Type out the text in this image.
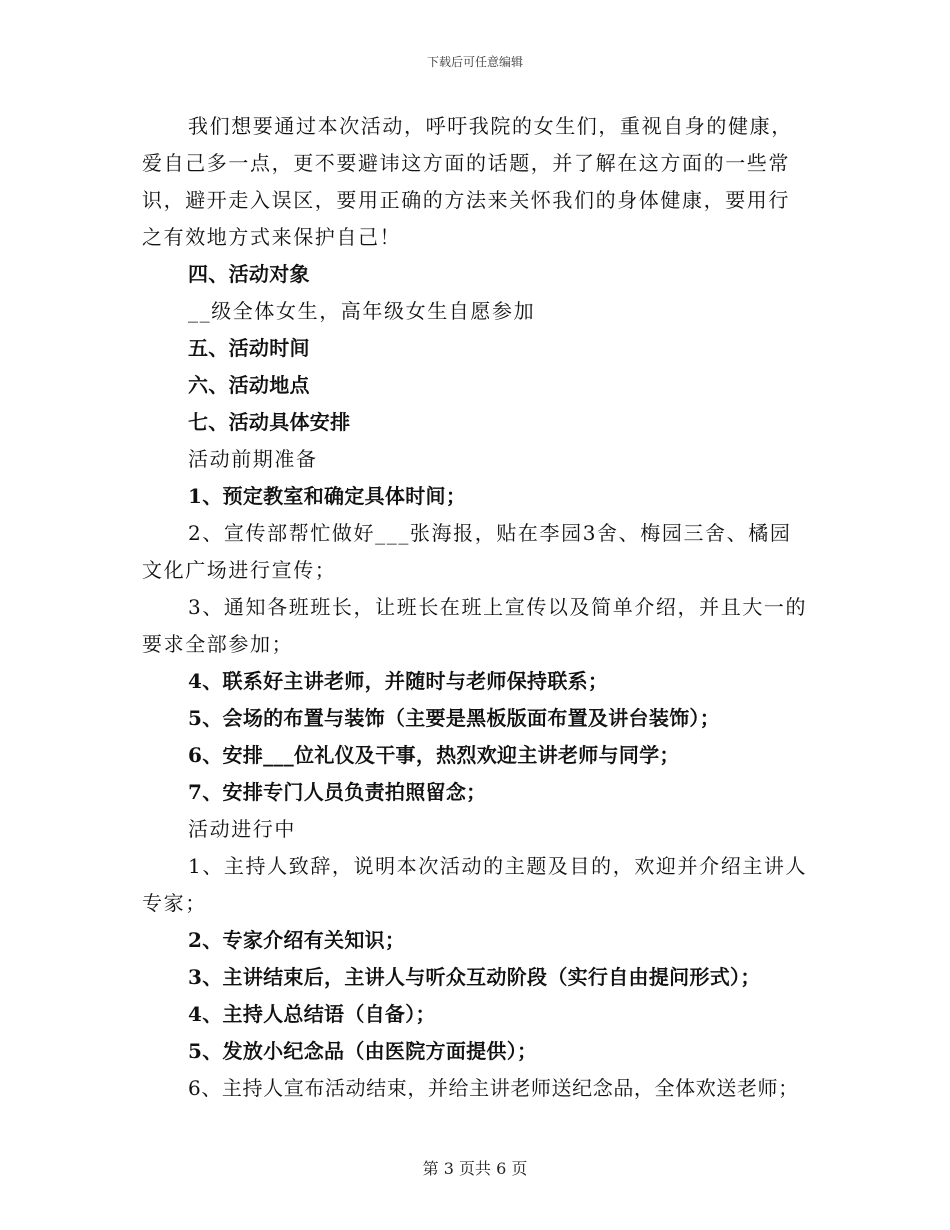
下载后可任意编辑
我们想要通过本次活动，呼吁我院的女生们，重视自身的健康，
爱自己多一点，更不要避讳这方面的话题，并了解在这方面的一些常
识，避开走入误区，要用正确的方法来关怀我们的身体健康，要用行
之有效地方式来保护自己！
四、活动对象
__级全体女生，高年级女生自愿参加
五、活动时间
六、活动地点
七、活动具体安排
活动前期准备
1、预定教室和确定具体时间；
2、宣传部帮忙做好___张海报，贴在李园3舍、梅园三舍、橘园
文化广场进行宣传；
3、通知各班班长，让班长在班上宣传以及简单介绍，并且大一的
要求全部参加；
4、联系好主讲老师，并随时与老师保持联系；
5、会场的布置与装饰（主要是黑板版面布置及讲台装饰）；
6、安排___位礼仪及干事，热烈欢迎主讲老师与同学；
7、安排专门人员负责拍照留念；
活动进行中
1、主持人致辞，说明本次活动的主题及目的，欢迎并介绍主讲人
专家；
2、专家介绍有关知识；
3、主讲结束后，主讲人与听众互动阶段（实行自由提问形式）；
4、主持人总结语（自备）；
5、发放小纪念品（由医院方面提供）；
6、主持人宣布活动结束，并给主讲老师送纪念品，全体欢送老师；
第 3 页共 6 页
